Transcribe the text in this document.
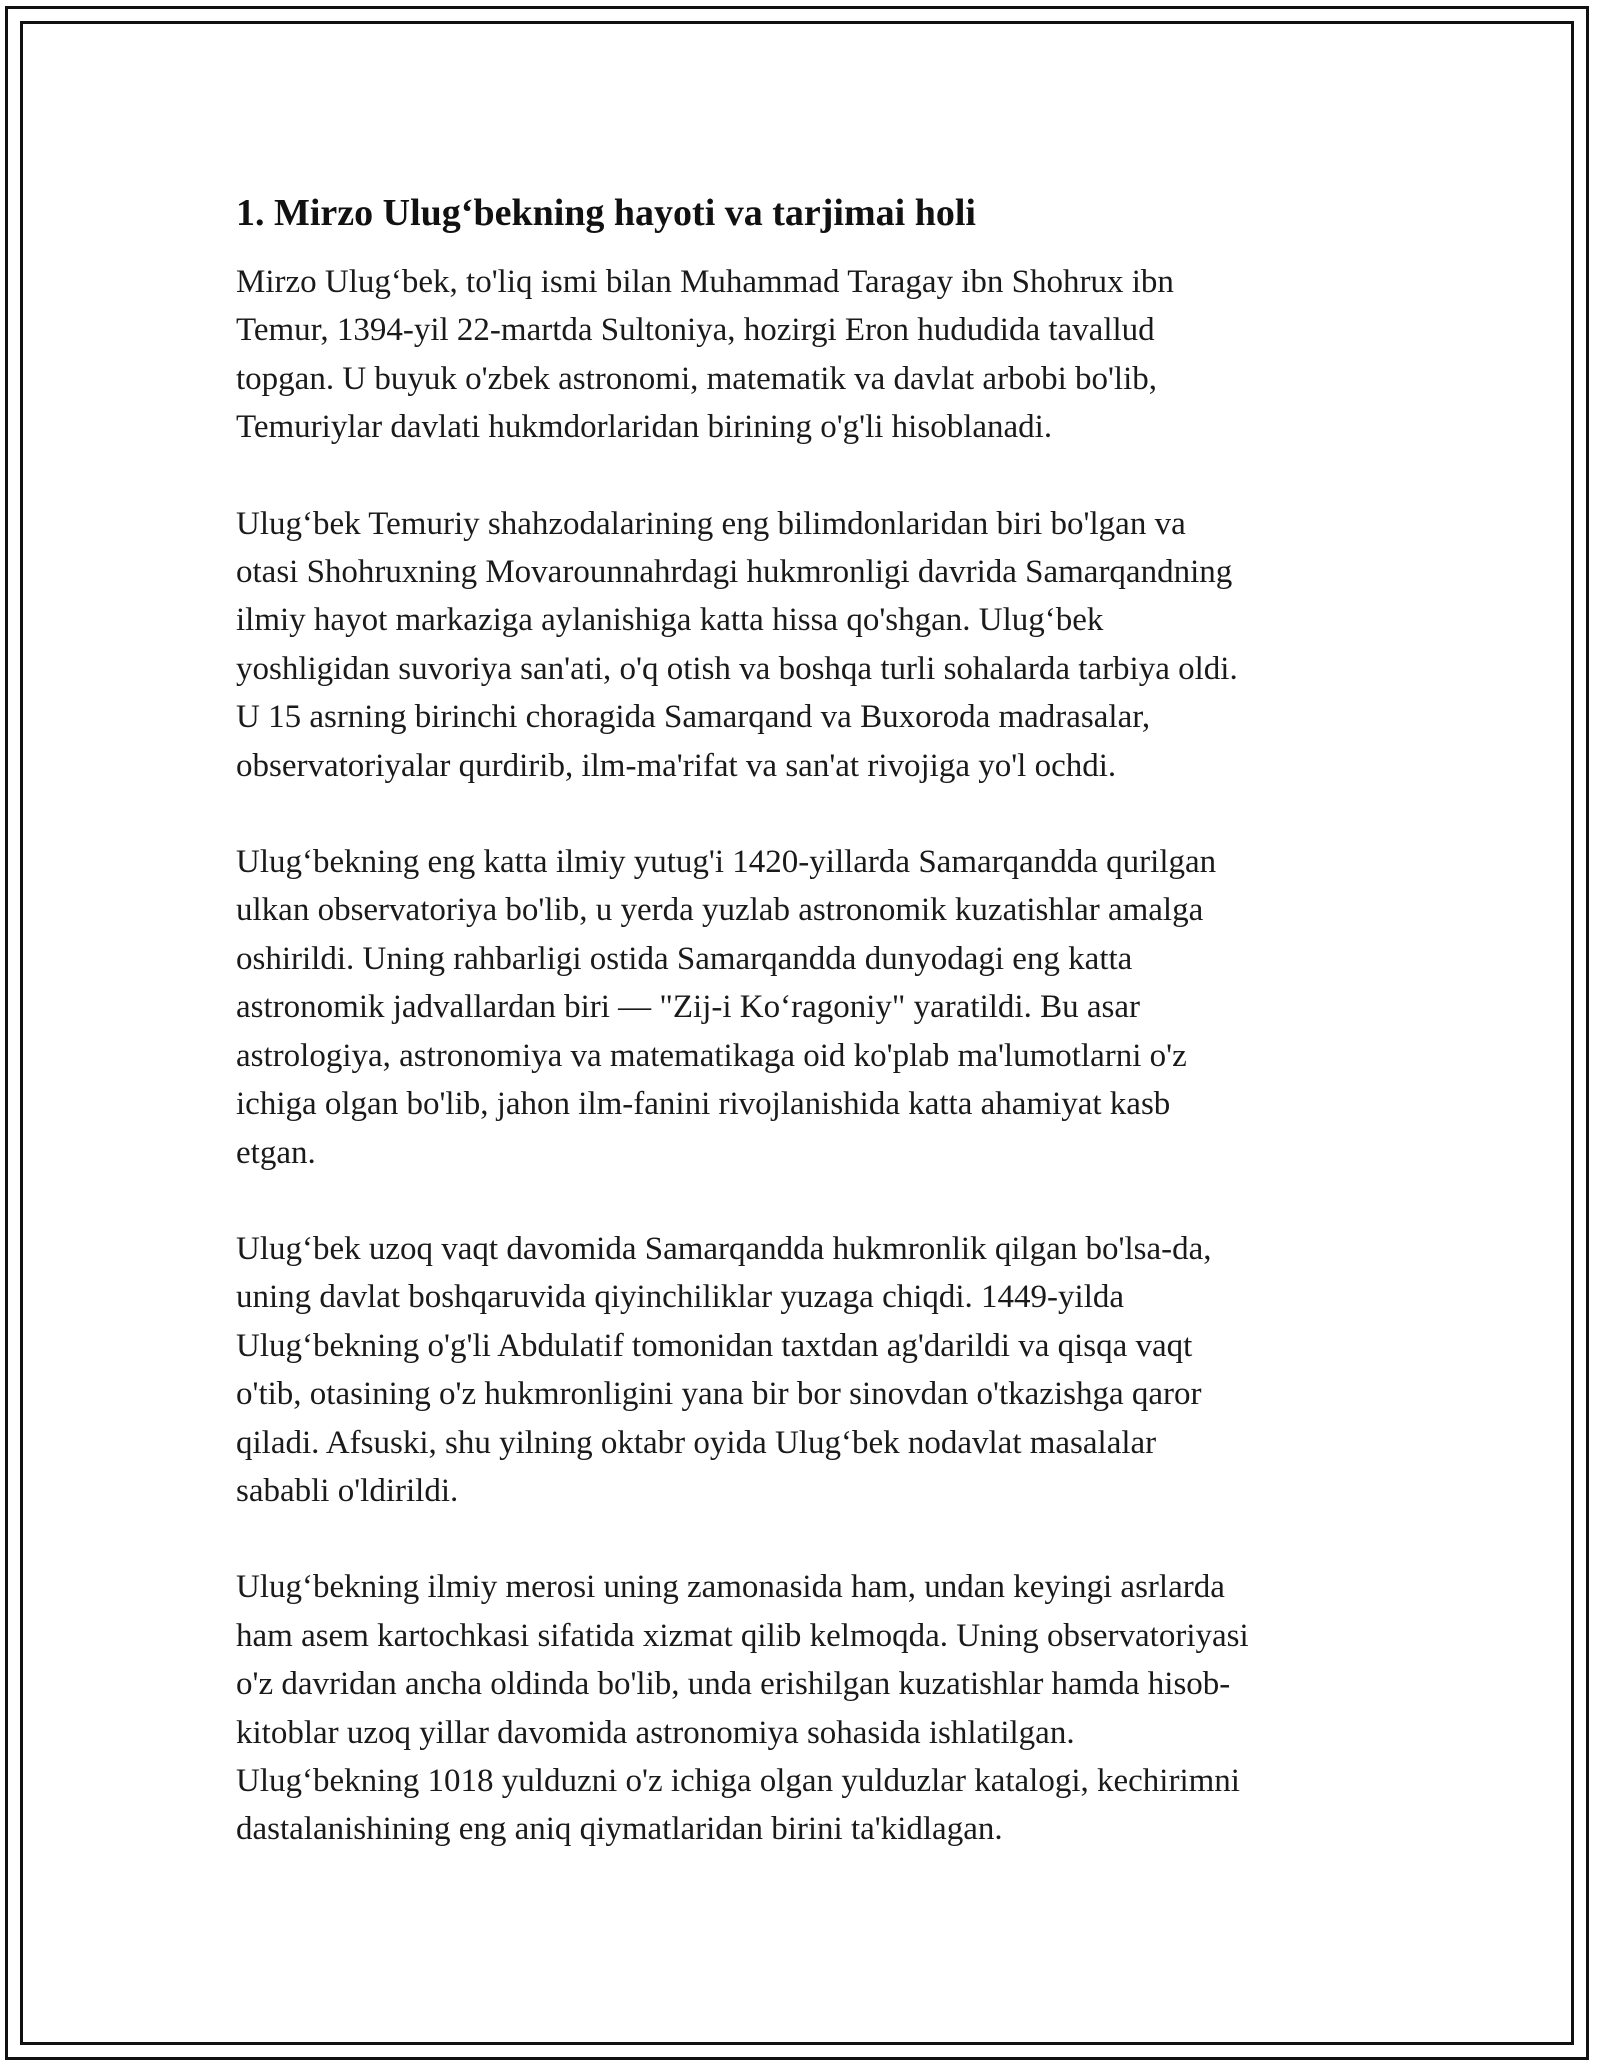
1. Mirzo Ulug‘bekning hayoti va tarjimai holi

Mirzo Ulug‘bek, to'liq ismi bilan Muhammad Taragay ibn Shohrux ibn
Temur, 1394-yil 22-martda Sultoniya, hozirgi Eron hududida tavallud
topgan. U buyuk o'zbek astronomi, matematik va davlat arbobi bo'lib,
Temuriylar davlati hukmdorlaridan birining o'g'li hisoblanadi.

Ulug‘bek Temuriy shahzodalarining eng bilimdonlaridan biri bo'lgan va
otasi Shohruxning Movarounnahrdagi hukmronligi davrida Samarqandning
ilmiy hayot markaziga aylanishiga katta hissa qo'shgan. Ulug‘bek
yoshligidan suvoriya san'ati, o'q otish va boshqa turli sohalarda tarbiya oldi.
U 15 asrning birinchi choragida Samarqand va Buxoroda madrasalar,
observatoriyalar qurdirib, ilm-ma'rifat va san'at rivojiga yo'l ochdi.

Ulug‘bekning eng katta ilmiy yutug'i 1420-yillarda Samarqandda qurilgan
ulkan observatoriya bo'lib, u yerda yuzlab astronomik kuzatishlar amalga
oshirildi. Uning rahbarligi ostida Samarqandda dunyodagi eng katta
astronomik jadvallardan biri — "Zij-i Ko‘ragoniy" yaratildi. Bu asar
astrologiya, astronomiya va matematikaga oid ko'plab ma'lumotlarni o'z
ichiga olgan bo'lib, jahon ilm-fanini rivojlanishida katta ahamiyat kasb
etgan.

Ulug‘bek uzoq vaqt davomida Samarqandda hukmronlik qilgan bo'lsa-da,
uning davlat boshqaruvida qiyinchiliklar yuzaga chiqdi. 1449-yilda
Ulug‘bekning o'g'li Abdulatif tomonidan taxtdan ag'darildi va qisqa vaqt
o'tib, otasining o'z hukmronligini yana bir bor sinovdan o'tkazishga qaror
qiladi. Afsuski, shu yilning oktabr oyida Ulug‘bek nodavlat masalalar
sababli o'ldirildi.

Ulug‘bekning ilmiy merosi uning zamonasida ham, undan keyingi asrlarda
ham asem kartochkasi sifatida xizmat qilib kelmoqda. Uning observatoriyasi
o'z davridan ancha oldinda bo'lib, unda erishilgan kuzatishlar hamda hisob-
kitoblar uzoq yillar davomida astronomiya sohasida ishlatilgan.
Ulug‘bekning 1018 yulduzni o'z ichiga olgan yulduzlar katalogi, kechirimni
dastalanishining eng aniq qiymatlaridan birini ta'kidlagan.
